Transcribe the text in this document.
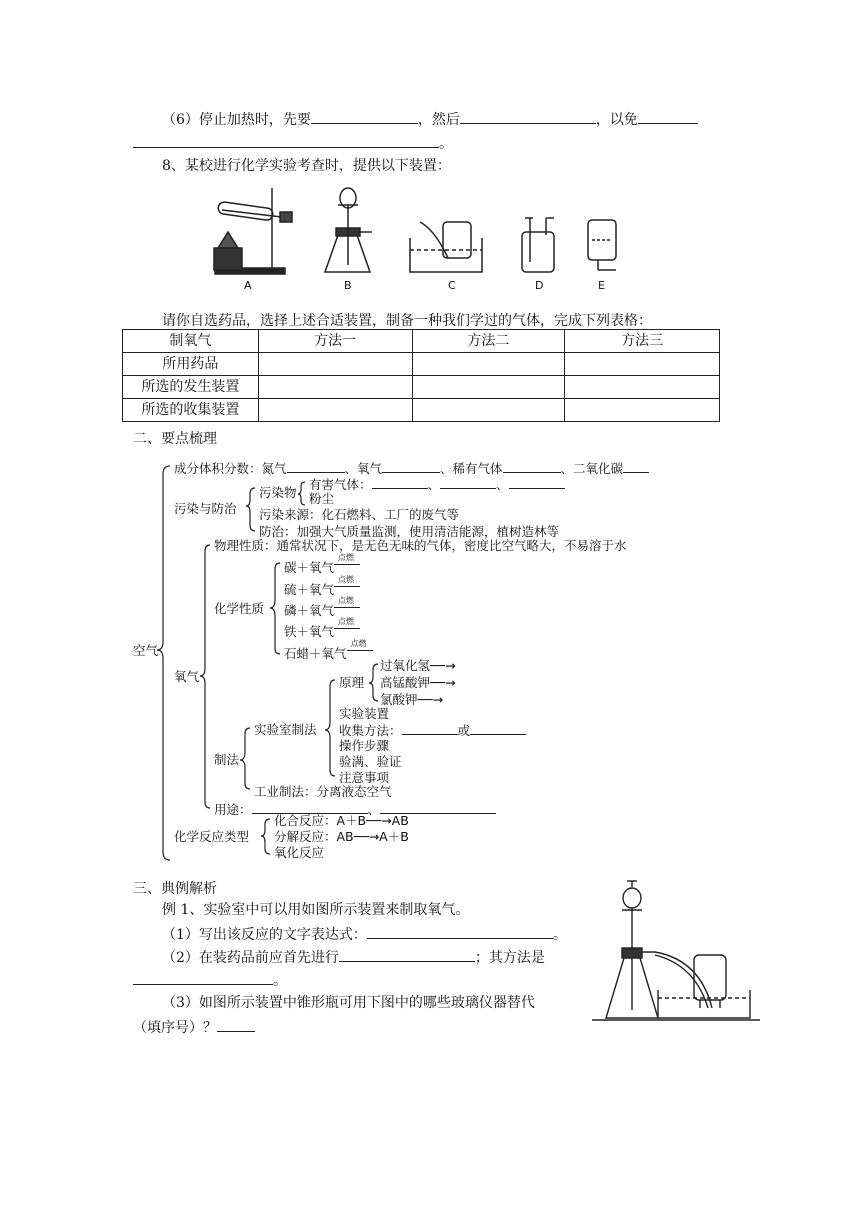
（6）停止加热时，先要	，然后	，以免
。
8、某校进行化学实验考查时，提供以下装置：
A	B	C	D	E
请你自选药品，选择上述合适装置，制备一种我们学过的气体，完成下列表格：
制氧气	方法一	方法二	方法三
所用药品			
所选的发生装置			
所选的收集装置			
二、要点梳理
空气
成分体积分数：氮气	、氧气	、稀有气体	、二氧化碳
污染与防治
污染物
有害气体：	、	、
粉尘
污染来源：化石燃料、工厂的废气等
防治：加强大气质量监测，使用清洁能源，植树造林等
氧气
物理性质：通常状况下，是无色无味的气体，密度比空气略大，不易溶于水
化学性质
碳＋氧气
点燃
硫＋氧气
点燃
磷＋氧气
点燃
铁＋氧气
点燃
石蜡＋氧气
点燃
制法
实验室制法
原理
过氧化氢──→
高锰酸钾──→
氯酸钾──→
实验装置
收集方法：	或
操作步骤
验满、验证
注意事项
工业制法：分离液态空气
用途：	、
化学反应类型
化合反应：A＋B──→AB
分解反应：AB──→A＋B
氧化反应
三、典例解析
例 1、实验室中可以用如图所示装置来制取氧气。
（1）写出该反应的文字表达式：	。
（2）在装药品前应首先进行	；其方法是
。
（3）如图所示装置中锥形瓶可用下图中的哪些玻璃仪器替代
（填序号）？
